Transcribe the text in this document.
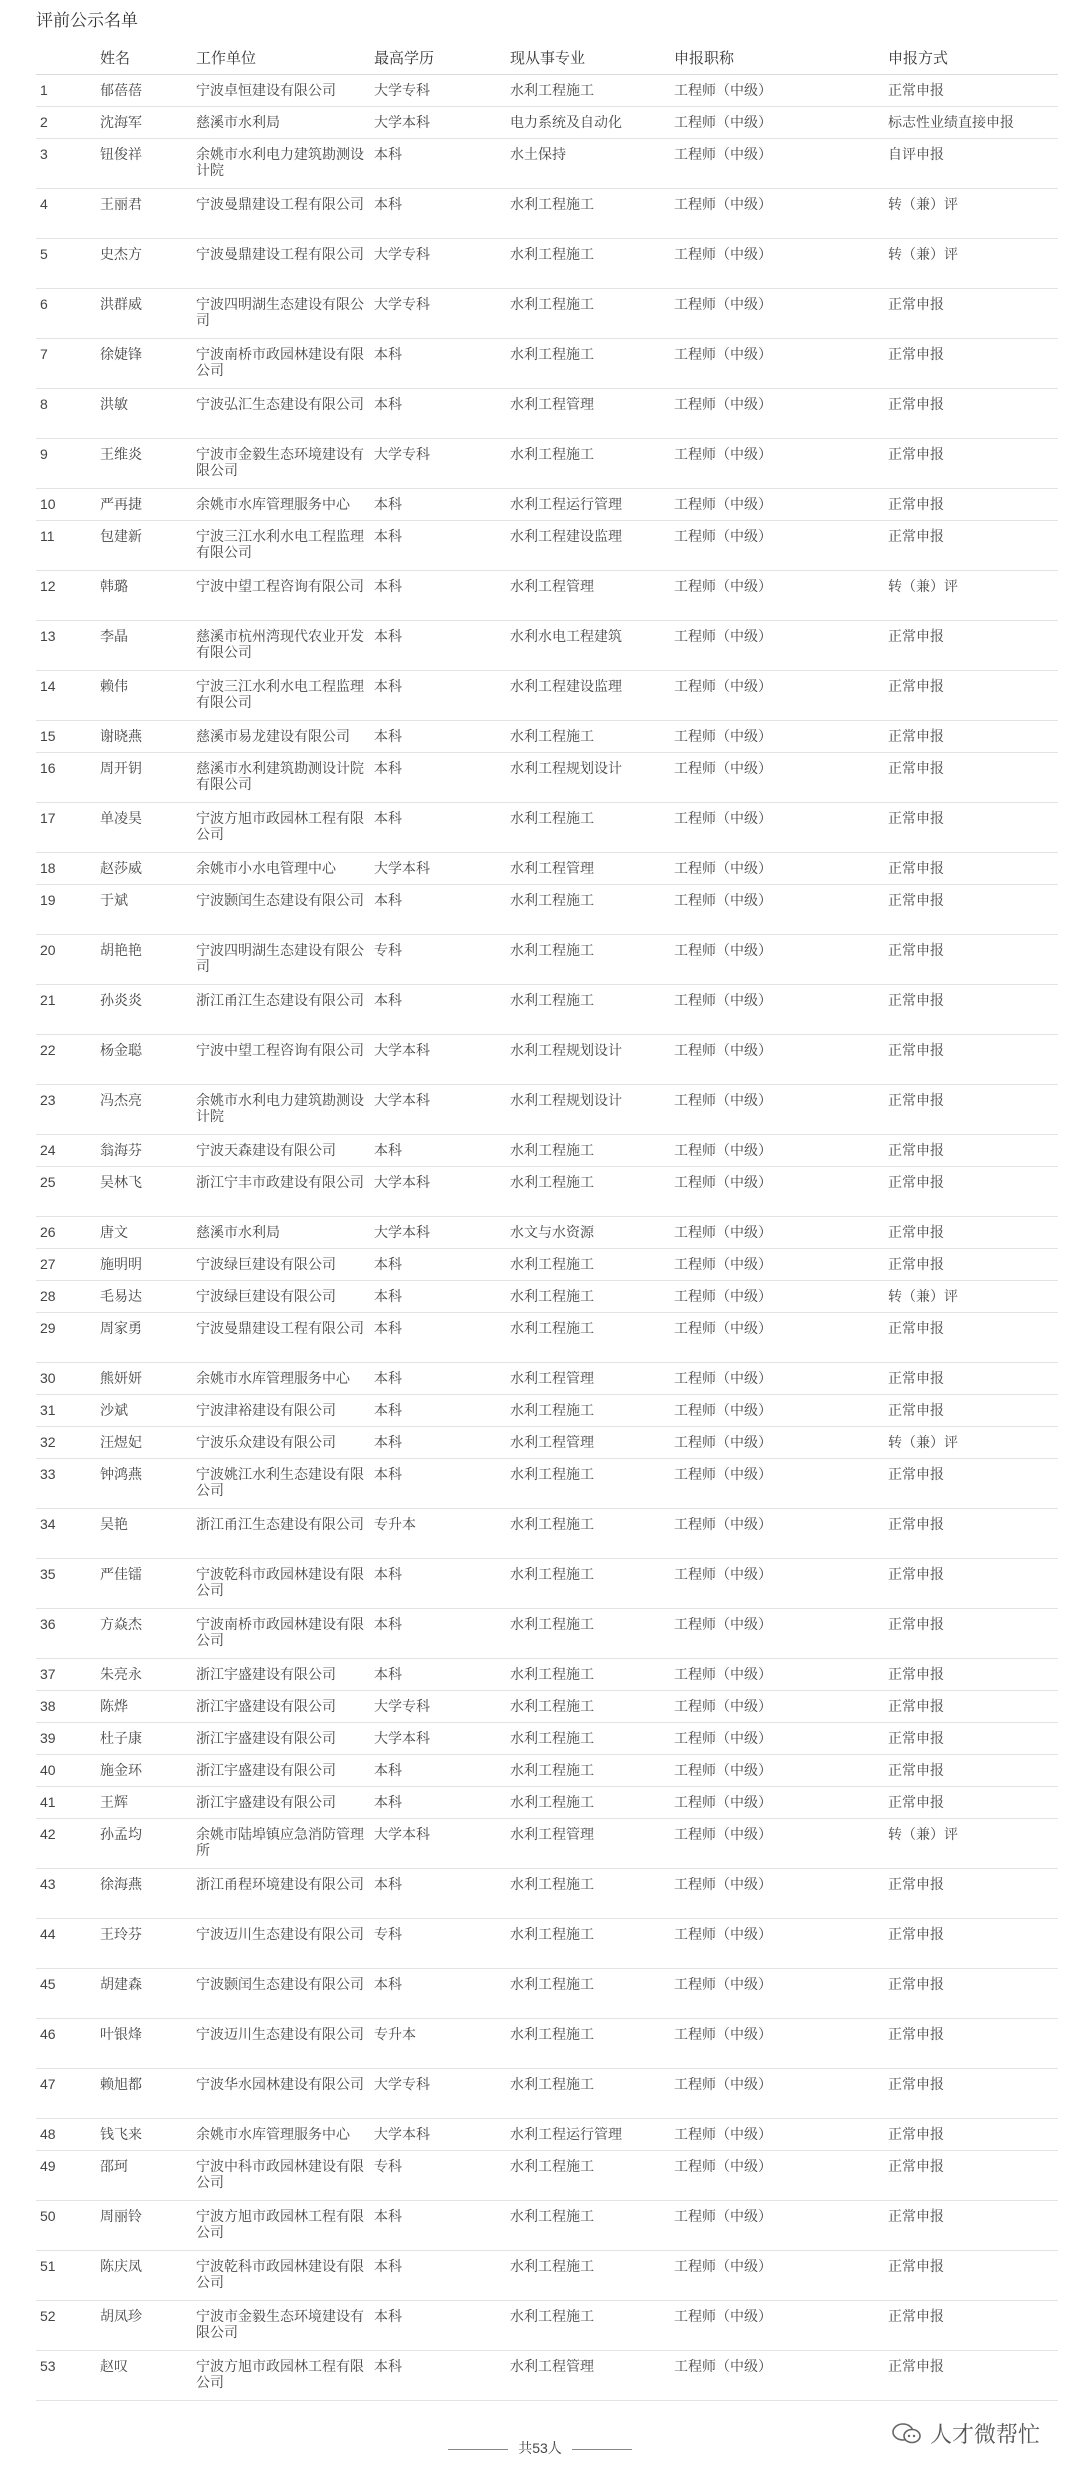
评前公示名单
	姓名	工作单位	最高学历	现从事专业	申报职称	申报方式
1	郁蓓蓓	宁波卓恒建设有限公司	大学专科	水利工程施工	工程师（中级）	正常申报
2	沈海军	慈溪市水利局	大学本科	电力系统及自动化	工程师（中级）	标志性业绩直接申报
3	钮俊祥	余姚市水利电力建筑勘测设计院	本科	水土保持	工程师（中级）	自评申报
4	王丽君	宁波曼鼎建设工程有限公司	本科	水利工程施工	工程师（中级）	转（兼）评
5	史杰方	宁波曼鼎建设工程有限公司	大学专科	水利工程施工	工程师（中级）	转（兼）评
6	洪群威	宁波四明湖生态建设有限公司	大学专科	水利工程施工	工程师（中级）	正常申报
7	徐婕锋	宁波南桥市政园林建设有限公司	本科	水利工程施工	工程师（中级）	正常申报
8	洪敏	宁波弘汇生态建设有限公司	本科	水利工程管理	工程师（中级）	正常申报
9	王维炎	宁波市金毅生态环境建设有限公司	大学专科	水利工程施工	工程师（中级）	正常申报
10	严再捷	余姚市水库管理服务中心	本科	水利工程运行管理	工程师（中级）	正常申报
11	包建新	宁波三江水利水电工程监理有限公司	本科	水利工程建设监理	工程师（中级）	正常申报
12	韩璐	宁波中望工程咨询有限公司	本科	水利工程管理	工程师（中级）	转（兼）评
13	李晶	慈溪市杭州湾现代农业开发有限公司	本科	水利水电工程建筑	工程师（中级）	正常申报
14	赖伟	宁波三江水利水电工程监理有限公司	本科	水利工程建设监理	工程师（中级）	正常申报
15	谢晓燕	慈溪市易龙建设有限公司	本科	水利工程施工	工程师（中级）	正常申报
16	周开钥	慈溪市水利建筑勘测设计院有限公司	本科	水利工程规划设计	工程师（中级）	正常申报
17	单凌昊	宁波方旭市政园林工程有限公司	本科	水利工程施工	工程师（中级）	正常申报
18	赵莎威	余姚市小水电管理中心	大学本科	水利工程管理	工程师（中级）	正常申报
19	于斌	宁波颢闰生态建设有限公司	本科	水利工程施工	工程师（中级）	正常申报
20	胡艳艳	宁波四明湖生态建设有限公司	专科	水利工程施工	工程师（中级）	正常申报
21	孙炎炎	浙江甬江生态建设有限公司	本科	水利工程施工	工程师（中级）	正常申报
22	杨金聪	宁波中望工程咨询有限公司	大学本科	水利工程规划设计	工程师（中级）	正常申报
23	冯杰亮	余姚市水利电力建筑勘测设计院	大学本科	水利工程规划设计	工程师（中级）	正常申报
24	翁海芬	宁波天森建设有限公司	本科	水利工程施工	工程师（中级）	正常申报
25	吴林飞	浙江宁丰市政建设有限公司	大学本科	水利工程施工	工程师（中级）	正常申报
26	唐文	慈溪市水利局	大学本科	水文与水资源	工程师（中级）	正常申报
27	施明明	宁波绿巨建设有限公司	本科	水利工程施工	工程师（中级）	正常申报
28	毛易达	宁波绿巨建设有限公司	本科	水利工程施工	工程师（中级）	转（兼）评
29	周家勇	宁波曼鼎建设工程有限公司	本科	水利工程施工	工程师（中级）	正常申报
30	熊妍妍	余姚市水库管理服务中心	本科	水利工程管理	工程师（中级）	正常申报
31	沙斌	宁波津裕建设有限公司	本科	水利工程施工	工程师（中级）	正常申报
32	汪煜妃	宁波乐众建设有限公司	本科	水利工程管理	工程师（中级）	转（兼）评
33	钟鸿燕	宁波姚江水利生态建设有限公司	本科	水利工程施工	工程师（中级）	正常申报
34	吴艳	浙江甬江生态建设有限公司	专升本	水利工程施工	工程师（中级）	正常申报
35	严佳镭	宁波乾科市政园林建设有限公司	本科	水利工程施工	工程师（中级）	正常申报
36	方焱杰	宁波南桥市政园林建设有限公司	本科	水利工程施工	工程师（中级）	正常申报
37	朱亮永	浙江宇盛建设有限公司	本科	水利工程施工	工程师（中级）	正常申报
38	陈烨	浙江宇盛建设有限公司	大学专科	水利工程施工	工程师（中级）	正常申报
39	杜子康	浙江宇盛建设有限公司	大学本科	水利工程施工	工程师（中级）	正常申报
40	施金环	浙江宇盛建设有限公司	本科	水利工程施工	工程师（中级）	正常申报
41	王辉	浙江宇盛建设有限公司	本科	水利工程施工	工程师（中级）	正常申报
42	孙孟均	余姚市陆埠镇应急消防管理所	大学本科	水利工程管理	工程师（中级）	转（兼）评
43	徐海燕	浙江甬程环境建设有限公司	本科	水利工程施工	工程师（中级）	正常申报
44	王玲芬	宁波迈川生态建设有限公司	专科	水利工程施工	工程师（中级）	正常申报
45	胡建森	宁波颢闰生态建设有限公司	本科	水利工程施工	工程师（中级）	正常申报
46	叶银烽	宁波迈川生态建设有限公司	专升本	水利工程施工	工程师（中级）	正常申报
47	赖旭都	宁波华水园林建设有限公司	大学专科	水利工程施工	工程师（中级）	正常申报
48	钱飞来	余姚市水库管理服务中心	大学本科	水利工程运行管理	工程师（中级）	正常申报
49	邵珂	宁波中科市政园林建设有限公司	专科	水利工程施工	工程师（中级）	正常申报
50	周丽铃	宁波方旭市政园林工程有限公司	本科	水利工程施工	工程师（中级）	正常申报
51	陈庆凤	宁波乾科市政园林建设有限公司	本科	水利工程施工	工程师（中级）	正常申报
52	胡凤珍	宁波市金毅生态环境建设有限公司	本科	水利工程施工	工程师（中级）	正常申报
53	赵叹	宁波方旭市政园林工程有限公司	本科	水利工程管理	工程师（中级）	正常申报
共53人
人才微帮忙
